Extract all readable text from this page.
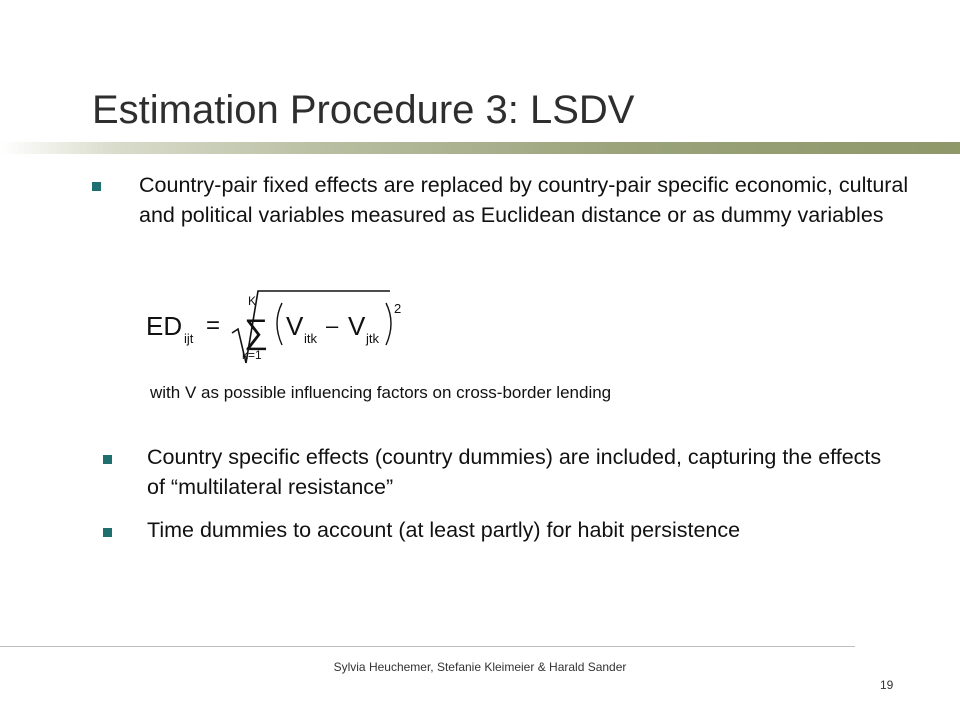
Estimation Procedure 3: LSDV
Country-pair fixed effects are replaced by country-pair specific economic, cultural and political variables measured as Euclidean distance or as dummy variables
ED ijt =
K
∑
k=1
V itk
– V jtk
2
with V as possible influencing factors on cross-border lending
Country specific effects (country dummies) are included, capturing the effects of “multilateral resistance”
Time dummies to account (at least partly) for habit persistence
Sylvia Heuchemer, Stefanie Kleimeier & Harald Sander
19
